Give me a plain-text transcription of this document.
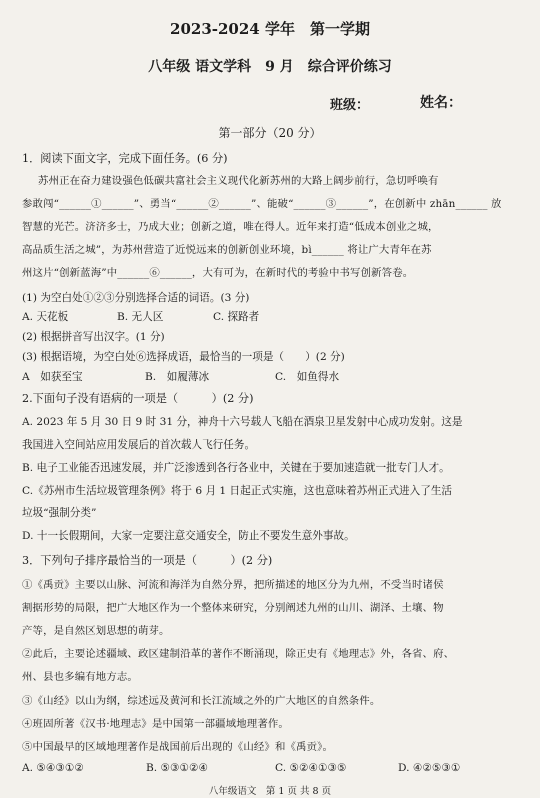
2023-2024 学年　第一学期
八年级 语文学科　9 月　综合评价练习
班级：	姓名：
第一部分（20 分）
1．阅读下面文字，完成下面任务。(6 分)
苏州正在奋力建设强色低碳共富社会主义现代化新苏州的大路上阔步前行，急切呼唤有
参敢闯“______①______”、勇当“______②______”、能破“______③______”，在创新中 zhān______ 放
智慧的光芒。济济多士，乃成大业；创新之道，唯在得人。近年来打造“低成本创业之城，
高品质生活之城”，为苏州营造了近悦远来的创新创业环境，bì______ 将让广大青年在苏
州这片“创新蓝海”中______⑥______，大有可为，在新时代的考验中书写创新答卷。
(1) 为空白处①②③分别选择合适的词语。(3 分)
A. 天花板	B. 无人区	C. 探路者
(2) 根据拼音写出汉字。(1 分)
(3) 根据语境，为空白处⑥选择成语，最恰当的一项是（　　）(2 分)
A　如获至宝	B.　如履薄冰	C.　如鱼得水
2.下面句子没有语病的一项是（　　　）(2 分)
A. 2023 年 5 月 30 日 9 时 31 分，神舟十六号载人飞船在酒泉卫星发射中心成功发射。这是
我国进入空间站应用发展后的首次载人飞行任务。
B. 电子工业能否迅速发展，并广泛渗透到各行各业中，关键在于要加速造就一批专门人才。
C.《苏州市生活垃圾管理条例》将于 6 月 1 日起正式实施，这也意味着苏州正式进入了生活
垃圾“强制分类”
D. 十一长假期间，大家一定要注意交通安全，防止不要发生意外事故。
3．下列句子排序最恰当的一项是（　　　）(2 分)
①《禹贡》主要以山脉、河流和海洋为自然分界，把所描述的地区分为九州，不受当时诸侯
割据形势的局限，把广大地区作为一个整体来研究，分别阐述九州的山川、湖泽、土壤、物
产等，是自然区划思想的萌芽。
②此后，主要论述疆域、政区建制沿革的著作不断涌现，除正史有《地理志》外，各省、府、
州、县也多编有地方志。
③《山经》以山为纲，综述远及黄河和长江流域之外的广大地区的自然条件。
④班固所著《汉书·地理志》是中国第一部疆域地理著作。
⑤中国最早的区域地理著作是战国前后出现的《山经》和《禹贡》。
A. ⑤④③①②	B. ⑤③①②④	C. ⑤②④①③⑤	D. ④②⑤③①
八年级语文　第 1 页 共 8 页
